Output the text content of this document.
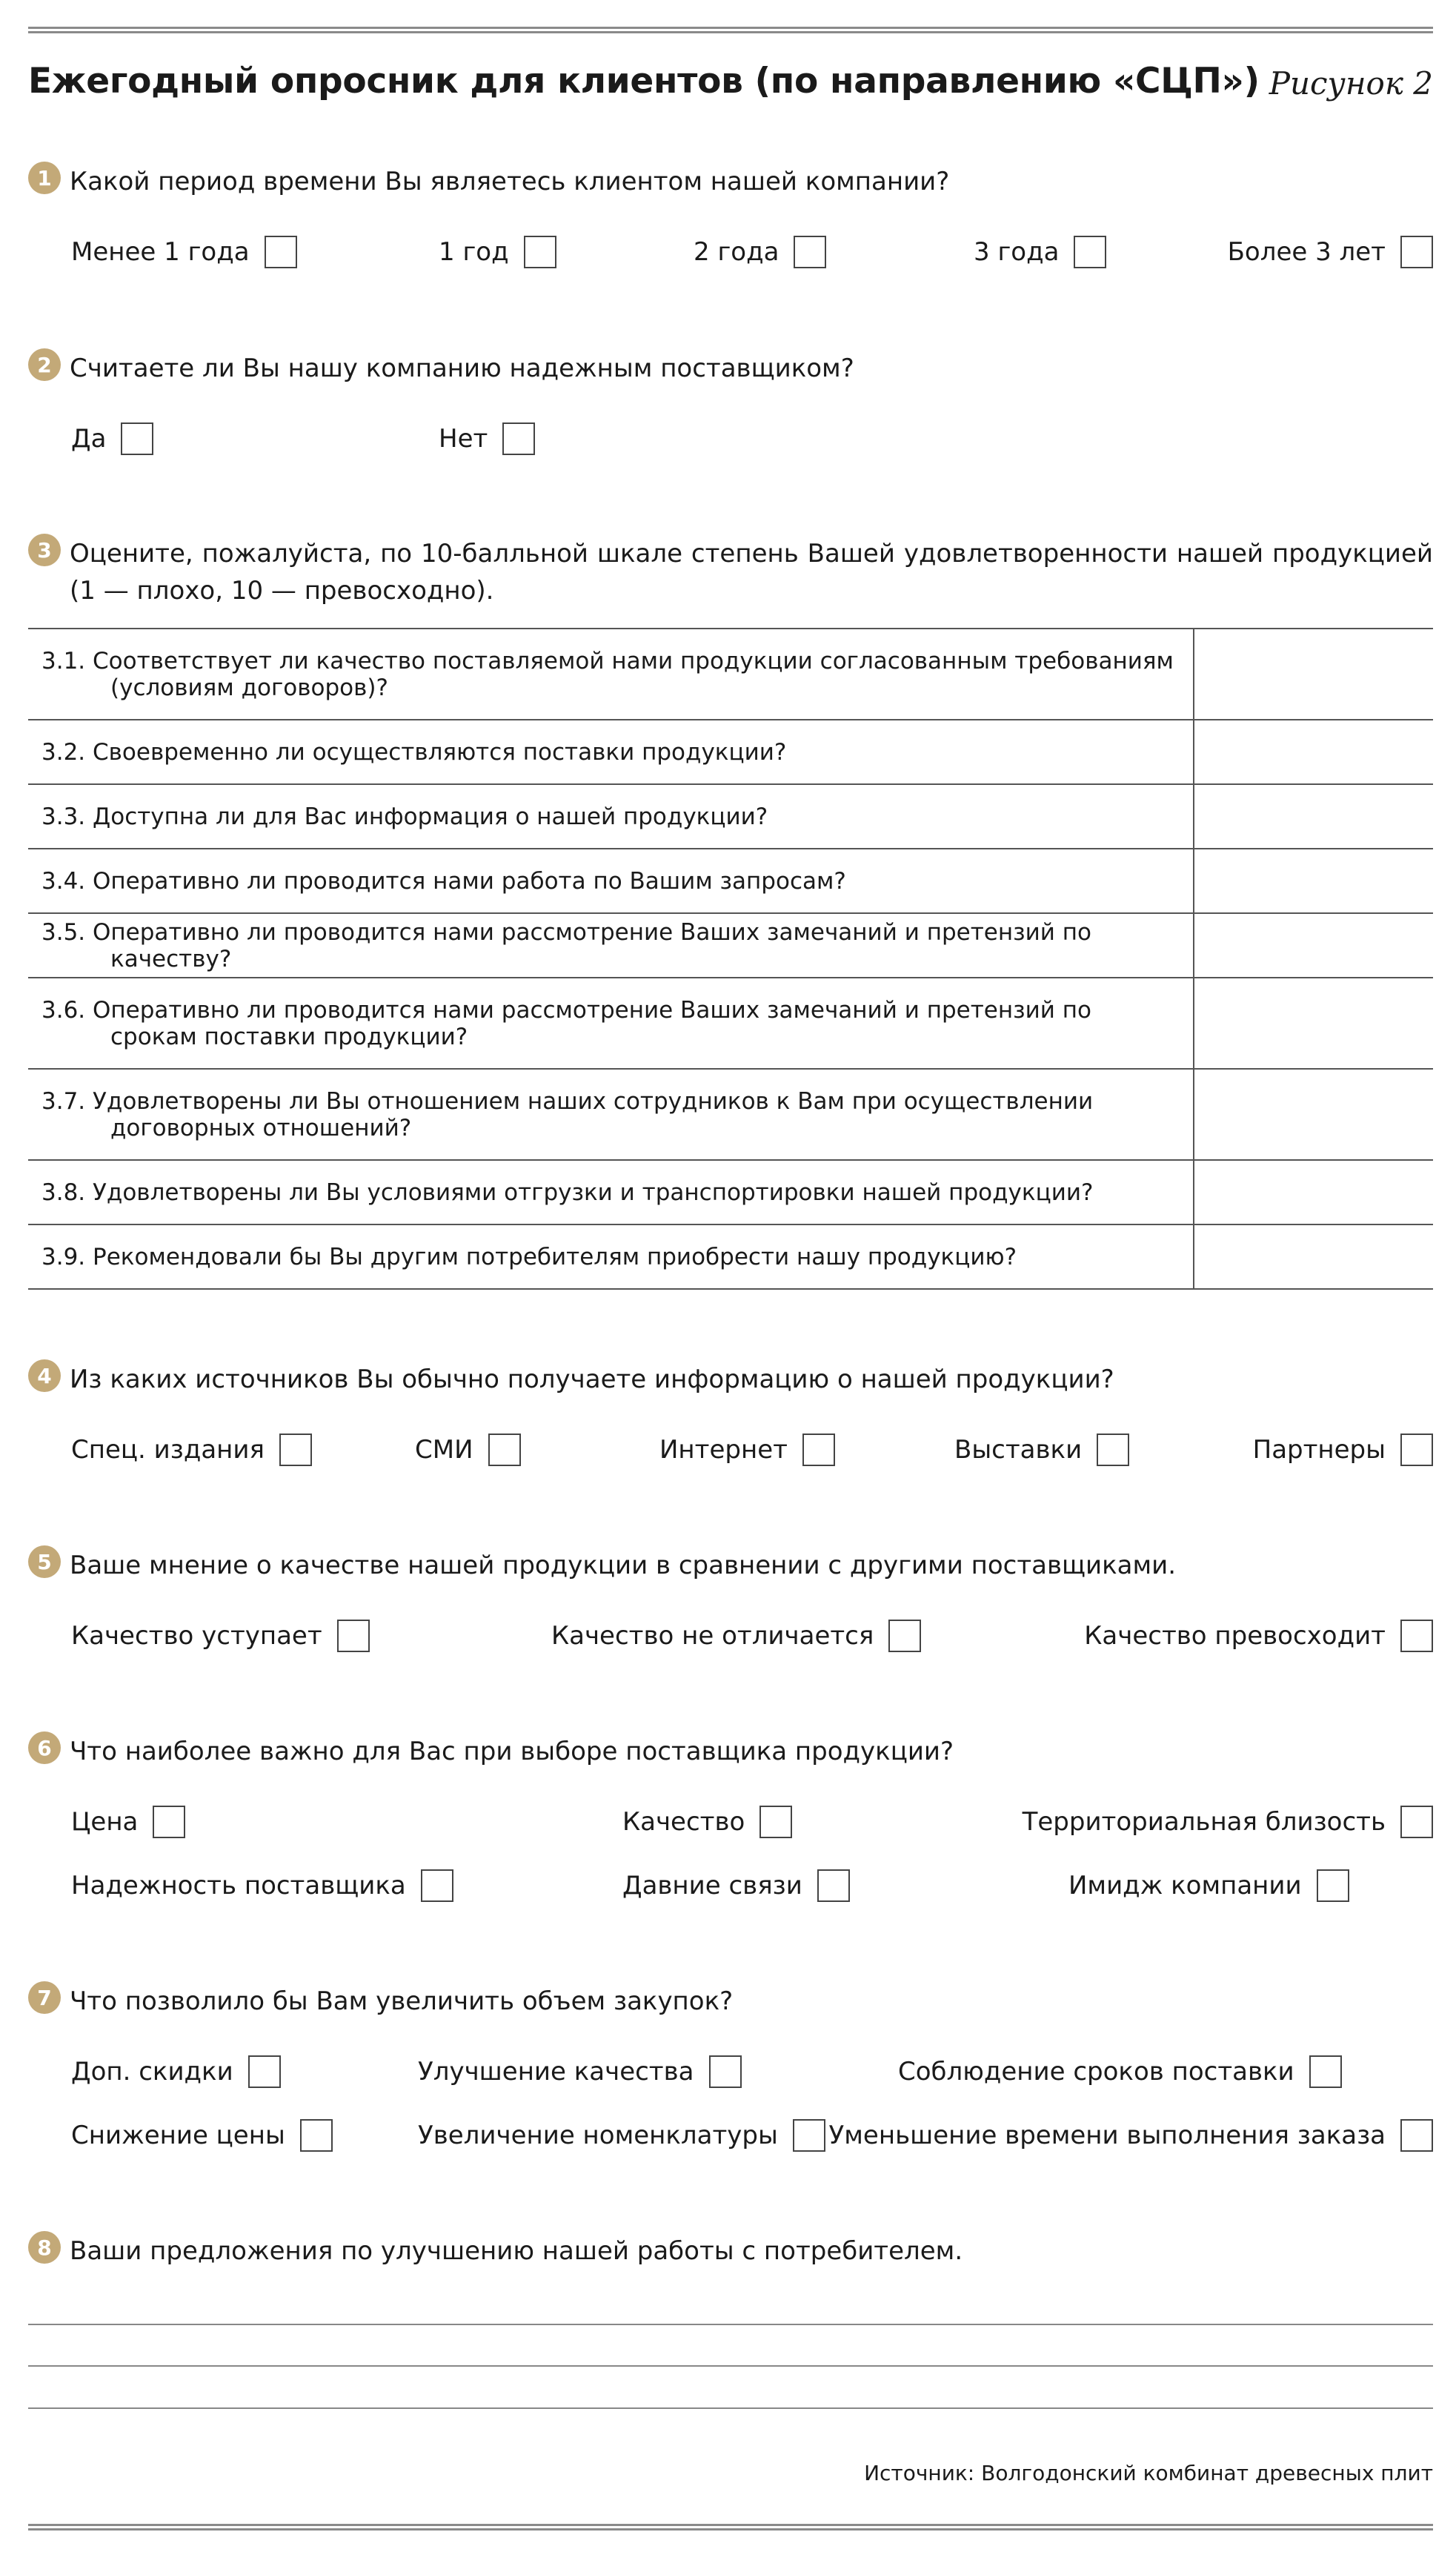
Ежегодный опросник для клиентов (по направлению «СЦП») Рисунок 2
1 Какой период времени Вы являетесь клиентом нашей компании?
Менее 1 года	1 год	2 года	3 года	Более 3 лет
2 Считаете ли Вы нашу компанию надежным поставщиком?
Да	Нет
3 Оцените, пожалуйста, по 10-балльной шкале степень Вашей удовлетворенности нашей продукцией (1 — плохо, 10 — превосходно).
3.1. Соответствует ли качество поставляемой нами продукции согласованным требованиям (условиям договоров)?	

3.2. Своевременно ли осуществляются поставки продукции?	

3.3. Доступна ли для Вас информация о нашей продукции?	

3.4. Оперативно ли проводится нами работа по Вашим запросам?	

3.5. Оперативно ли проводится нами рассмотрение Ваших замечаний и претензий по качеству?	

3.6. Оперативно ли проводится нами рассмотрение Ваших замечаний и претензий по срокам поставки продукции?	

3.7. Удовлетворены ли Вы отношением наших сотрудников к Вам при осуществлении договорных отношений?	

3.8. Удовлетворены ли Вы условиями отгрузки и транспортировки нашей продукции?	

3.9. Рекомендовали бы Вы другим потребителям приобрести нашу продукцию?	

4 Из каких источников Вы обычно получаете информацию о нашей продукции?
Спец. издания	СМИ	Интернет	Выставки	Партнеры
5 Ваше мнение о качестве нашей продукции в сравнении с другими поставщиками.
Качество уступает	Качество не отличается	Качество превосходит
6 Что наиболее важно для Вас при выборе поставщика продукции?
Цена	Качество	Территориальная близость
Надежность поставщика	Давние связи	Имидж компании
7 Что позволило бы Вам увеличить объем закупок?
Доп. скидки	Улучшение качества	Соблюдение сроков поставки
Снижение цены	Увеличение номенклатуры Уменьшение времени выполнения заказа
8 Ваши предложения по улучшению нашей работы с потребителем.
Источник: Волгодонский комбинат древесных плит
